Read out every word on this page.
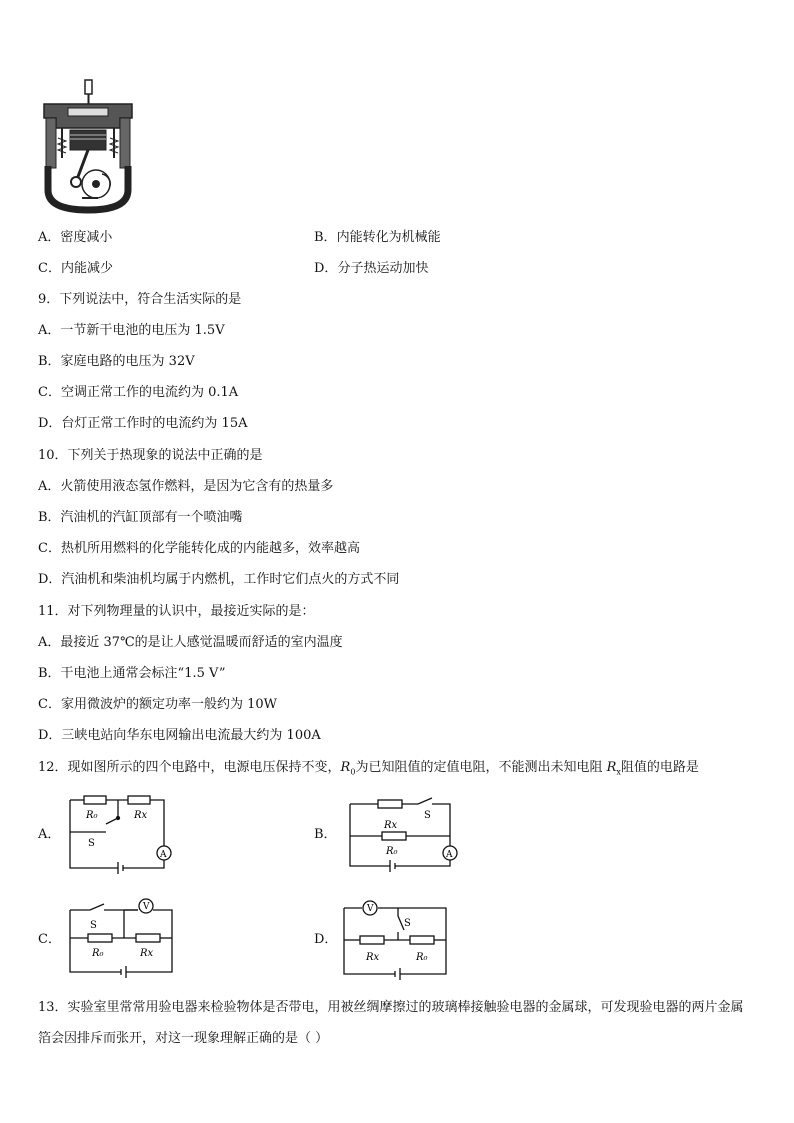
A．密度减小	B．内能转化为机械能
C．内能减少	D．分子热运动加快
9．下列说法中，符合生活实际的是
A．一节新干电池的电压为 1.5V
B．家庭电路的电压为 32V
C．空调正常工作的电流约为 0.1A
D．台灯正常工作时的电流约为 15A
10．下列关于热现象的说法中正确的是
A．火箭使用液态氢作燃料，是因为它含有的热量多
B．汽油机的汽缸顶部有一个喷油嘴
C．热机所用燃料的化学能转化成的内能越多，效率越高
D．汽油机和柴油机均属于内燃机，工作时它们点火的方式不同
11．对下列物理量的认识中，最接近实际的是：
A．最接近 37℃的是让人感觉温暖而舒适的室内温度
B．干电池上通常会标注“1.5 V”
C．家用微波炉的额定功率一般约为 10W
D．三峡电站向华东电网输出电流最大约为 100A
12．现如图所示的四个电路中，电源电压保持不变，$R_0$为已知阻值的定值电阻，不能测出未知电阻 $R_x$阻值的电路是
A．	B．
C．	D．
R₀	Rx
S
A
S
Rx
R₀	A
S
V
R₀	Rx
V
S
Rx	R₀
13．实验室里常常用验电器来检验物体是否带电，用被丝绸摩擦过的玻璃棒接触验电器的金属球，可发现验电器的两片金属箔会因排斥而张开，对这一现象理解正确的是（ ）
